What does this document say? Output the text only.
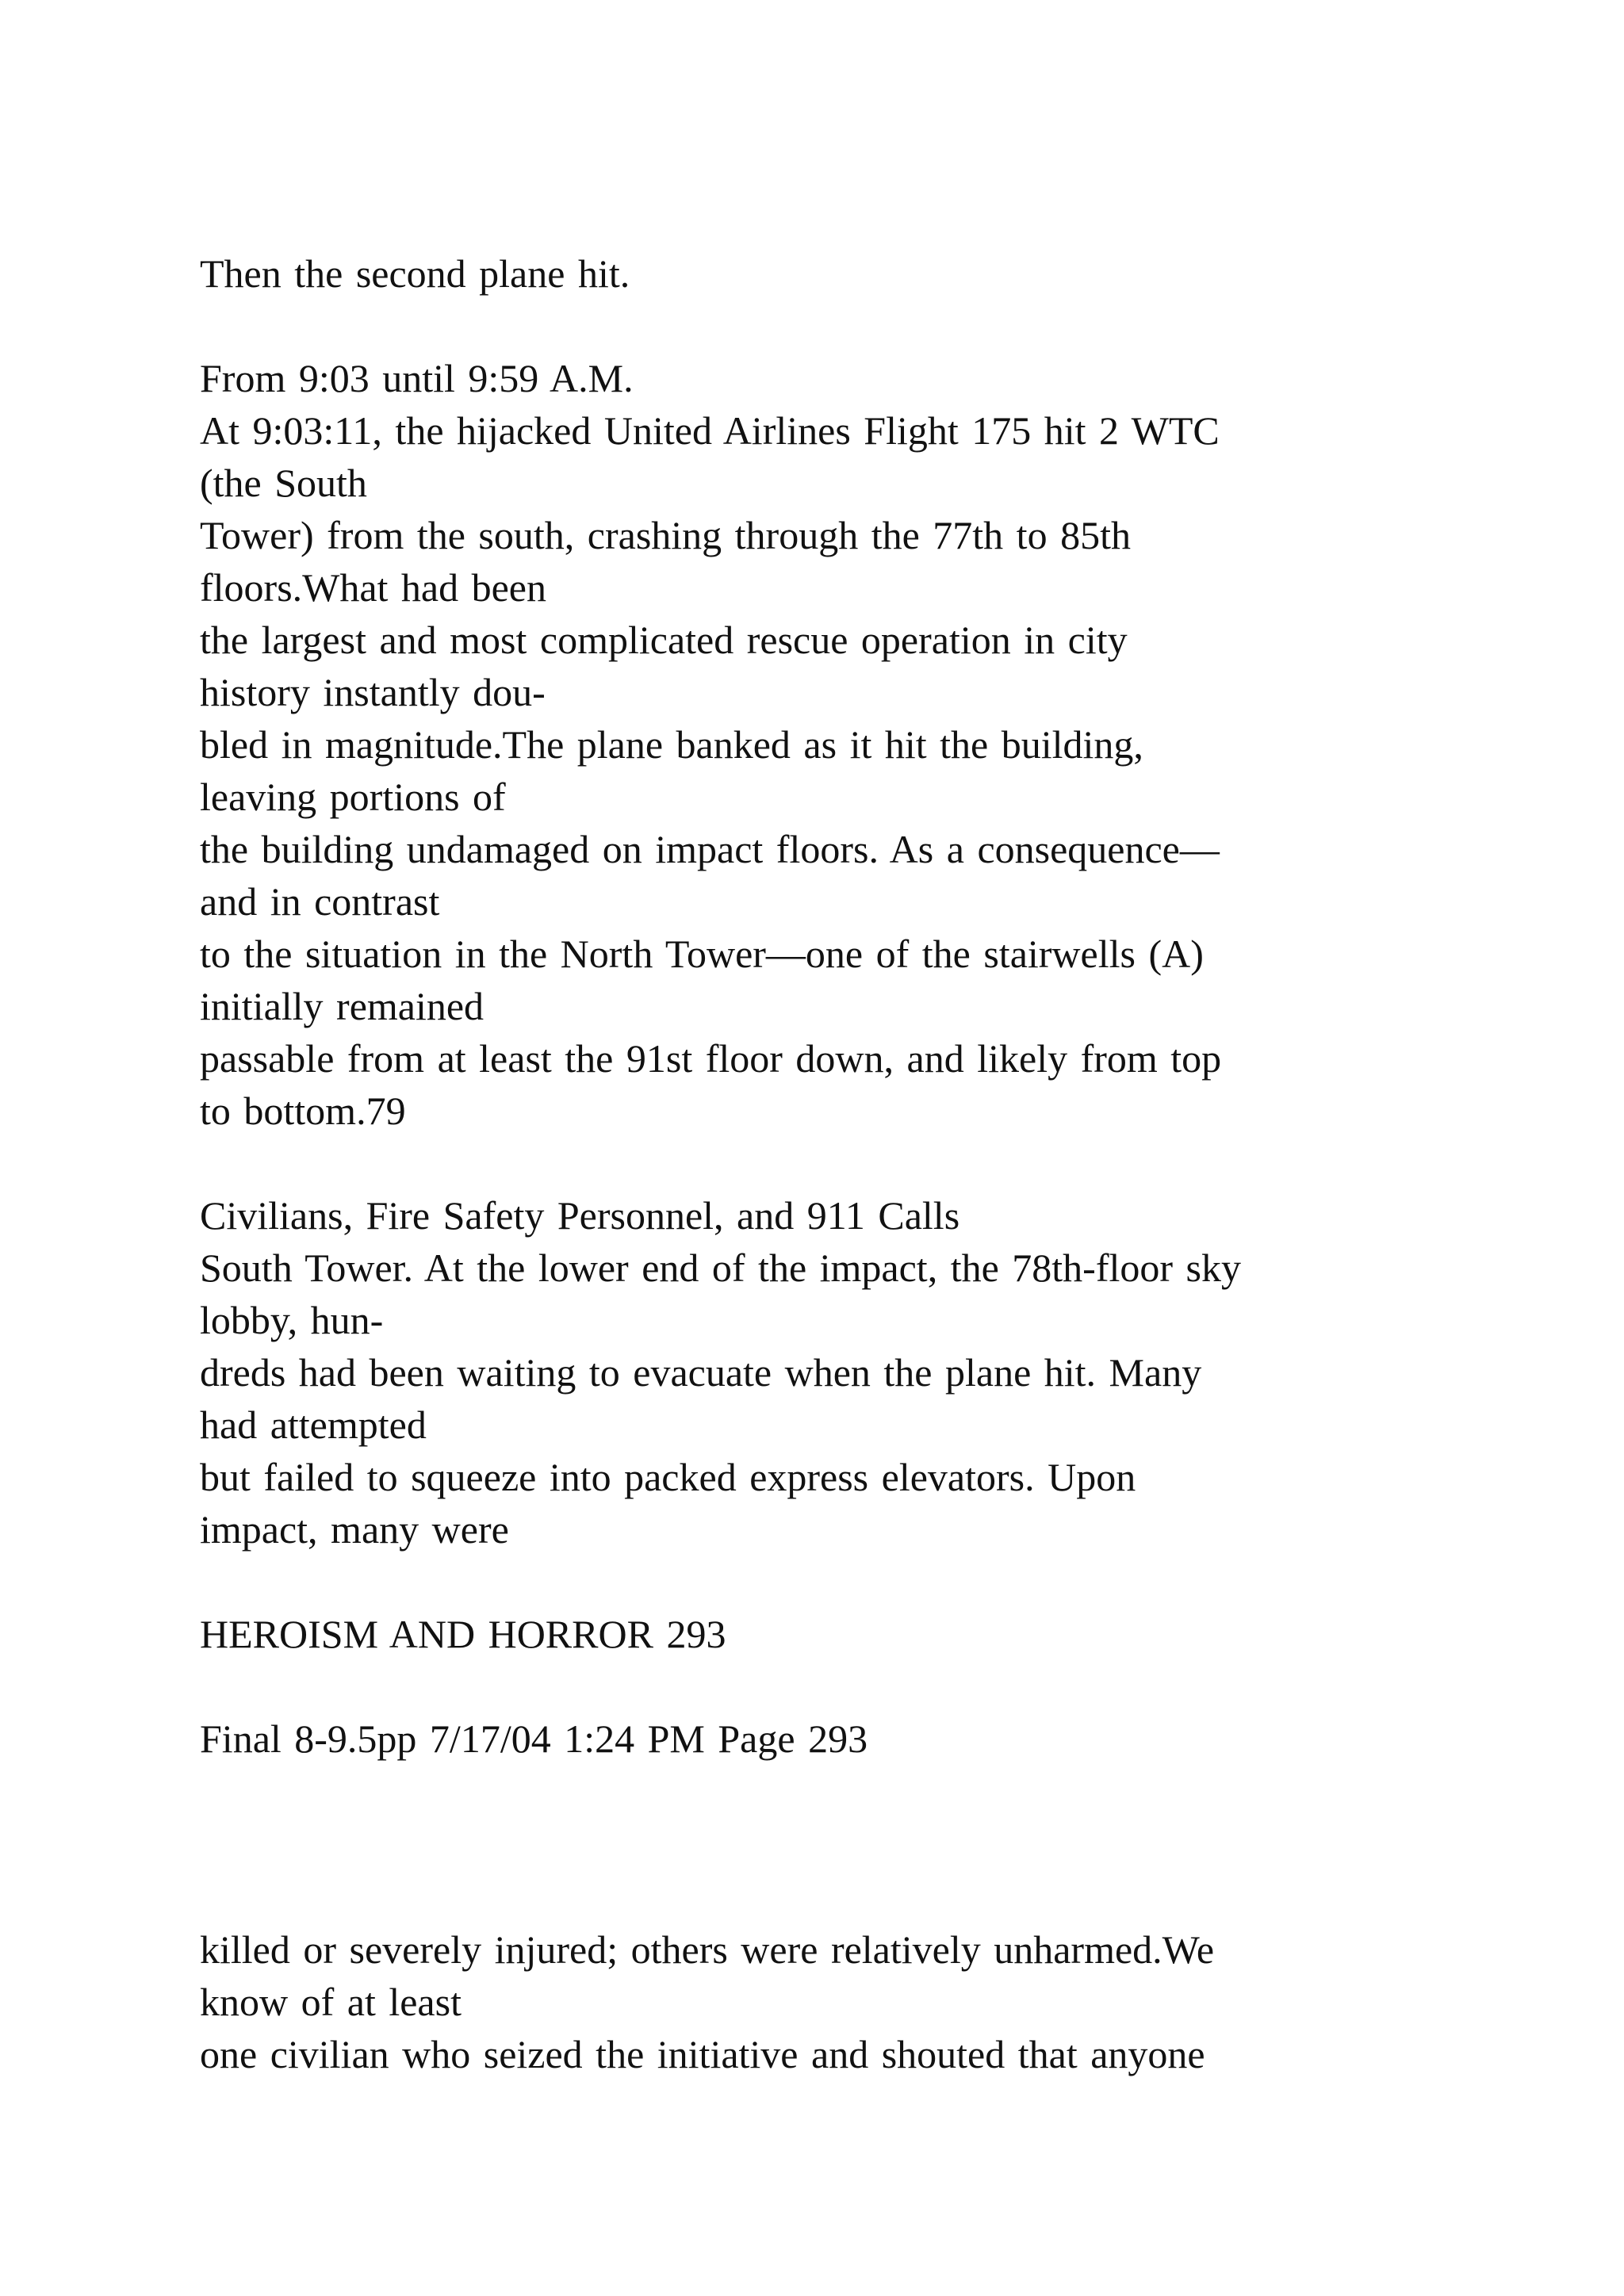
Then the second plane hit.
From 9:03 until 9:59 A.M.
At 9:03:11, the hijacked United Airlines Flight 175 hit 2 WTC
(the South
Tower) from the south, crashing through the 77th to 85th
floors.What had been
the largest and most complicated rescue operation in city
history instantly dou-
bled in magnitude.The plane banked as it hit the building,
leaving portions of
the building undamaged on impact floors. As a consequence—
and in contrast
to the situation in the North Tower—one of the stairwells (A)
initially remained
passable from at least the 91st floor down, and likely from top
to bottom.79
Civilians, Fire Safety Personnel, and 911 Calls
South Tower. At the lower end of the impact, the 78th-floor sky
lobby, hun-
dreds had been waiting to evacuate when the plane hit. Many
had attempted
but failed to squeeze into packed express elevators. Upon
impact, many were
HEROISM AND HORROR 293
Final 8-9.5pp 7/17/04 1:24 PM Page 293
killed or severely injured; others were relatively unharmed.We
know of at least
one civilian who seized the initiative and shouted that anyone
